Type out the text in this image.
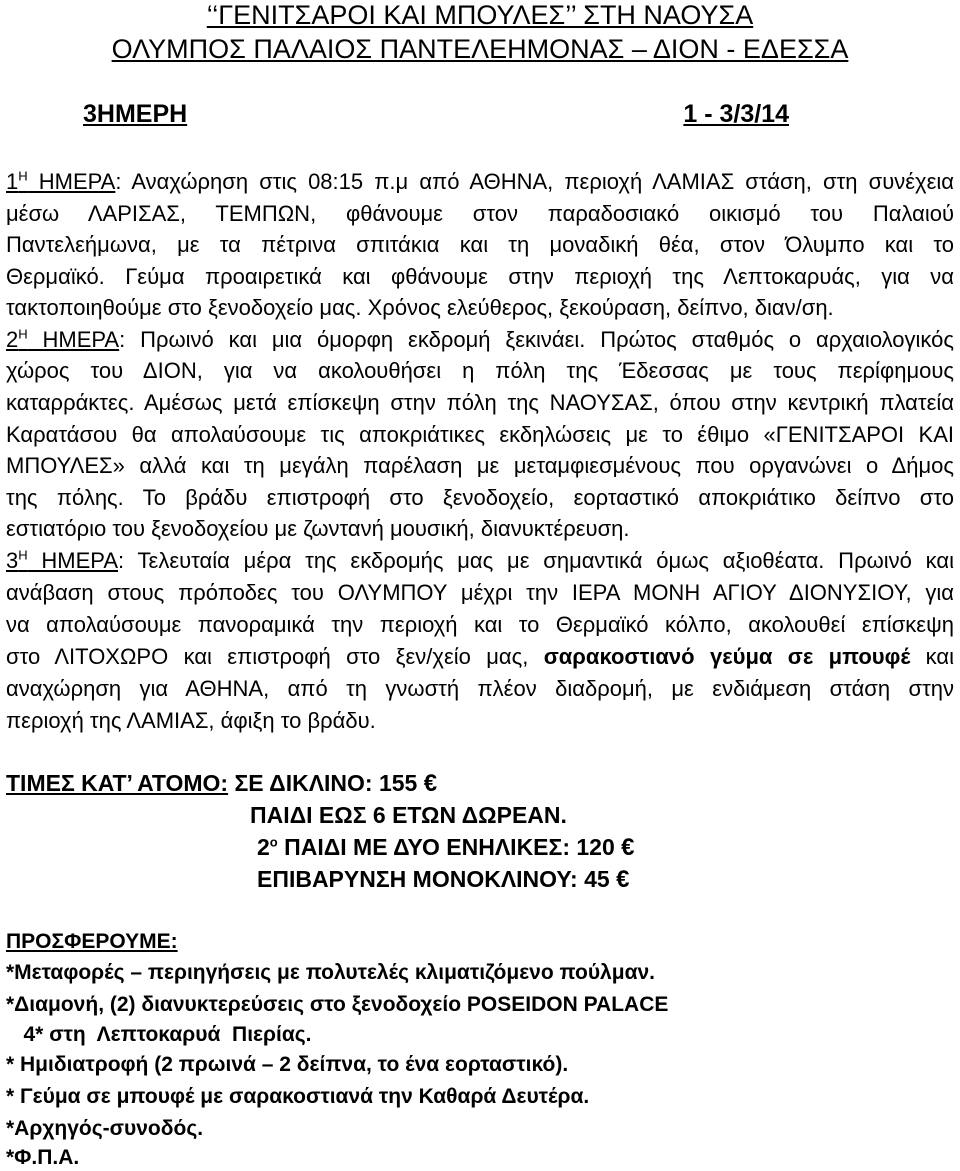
‘‘ΓΕΝΙΤΣΑΡΟΙ ΚΑΙ ΜΠΟΥΛΕΣ’’ ΣΤΗ ΝΑΟΥΣΑ
ΟΛΥΜΠΟΣ ΠΑΛΑΙΟΣ ΠΑΝΤΕΛΕΗΜΟΝΑΣ – ΔΙΟΝ - ΕΔΕΣΣΑ
3ΗΜΕΡΗ	1 - 3/3/14
$1^H$ ΗΜΕΡΑ: Αναχώρηση στις 08:15 π.μ από ΑΘΗΝΑ, περιοχή ΛΑΜΙΑΣ στάση, στη συνέχεια
μέσω ΛΑΡΙΣΑΣ, ΤΕΜΠΩΝ, φθάνουμε στον παραδοσιακό οικισμό του Παλαιού
Παντελεήμωνα, με τα πέτρινα σπιτάκια και τη μοναδική θέα, στον Όλυμπο και το
Θερμαϊκό. Γεύμα προαιρετικά και φθάνουμε στην περιοχή της Λεπτοκαρυάς, για να
τακτοποιηθούμε στο ξενοδοχείο μας. Χρόνος ελεύθερος, ξεκούραση, δείπνο, διαν/ση.
$2^H$ ΗΜΕΡΑ: Πρωινό και μια όμορφη εκδρομή ξεκινάει. Πρώτος σταθμός ο αρχαιολογικός
χώρος του ΔΙΟΝ, για να ακολουθήσει η πόλη της Έδεσσας με τους περίφημους
καταρράκτες. Αμέσως μετά επίσκεψη στην πόλη της ΝΑΟΥΣΑΣ, όπου στην κεντρική πλατεία
Καρατάσου θα απολαύσουμε τις αποκριάτικες εκδηλώσεις με το έθιμο «ΓΕΝΙΤΣΑΡΟΙ ΚΑΙ
ΜΠΟΥΛΕΣ» αλλά και τη μεγάλη παρέλαση με μεταμφιεσμένους που οργανώνει ο Δήμος
της πόλης. Το βράδυ επιστροφή στο ξενοδοχείο, εορταστικό αποκριάτικο δείπνο στο
εστιατόριο του ξενοδοχείου με ζωντανή μουσική, διανυκτέρευση.
$3^H$ ΗΜΕΡΑ: Τελευταία μέρα της εκδρομής μας με σημαντικά όμως αξιοθέατα. Πρωινό και
ανάβαση στους πρόποδες του ΟΛΥΜΠΟΥ μέχρι την ΙΕΡΑ ΜΟΝΗ ΑΓΙΟΥ ΔΙΟΝΥΣΙΟΥ, για
να απολαύσουμε πανοραμικά την περιοχή και το Θερμαϊκό κόλπο, ακολουθεί επίσκεψη
στο ΛΙΤΟΧΩΡΟ και επιστροφή στο ξεν/χείο μας, σαρακοστιανό γεύμα σε μπουφέ και
αναχώρηση για ΑΘΗΝΑ, από τη γνωστή πλέον διαδρομή, με ενδιάμεση στάση στην
περιοχή της ΛΑΜΙΑΣ, άφιξη το βράδυ.
ΤΙΜΕΣ ΚΑΤ’ ΑΤΟΜΟ: ΣΕ ΔΙΚΛΙΝΟ: 155 €
ΠΑΙΔΙ ΕΩΣ 6 ΕΤΩΝ ΔΩΡΕΑΝ.
$2^o$ ΠΑΙΔΙ ΜΕ ΔΥΟ ΕΝΗΛΙΚΕΣ: 120 €
ΕΠΙΒΑΡΥΝΣΗ ΜΟΝΟΚΛΙΝΟΥ: 45 €
ΠΡΟΣΦΕΡΟΥΜΕ:
*Μεταφορές – περιηγήσεις με πολυτελές κλιματιζόμενο πούλμαν.
*Διαμονή, (2) διανυκτερεύσεις στο ξενοδοχείο POSEIDON PALACE
4* στη  Λεπτοκαρυά  Πιερίας.
* Ημιδιατροφή (2 πρωινά – 2 δείπνα, το ένα εορταστικό).
* Γεύμα σε μπουφέ με σαρακοστιανά την Καθαρά Δευτέρα.
*Αρχηγός-συνοδός.
*Φ.Π.Α.
